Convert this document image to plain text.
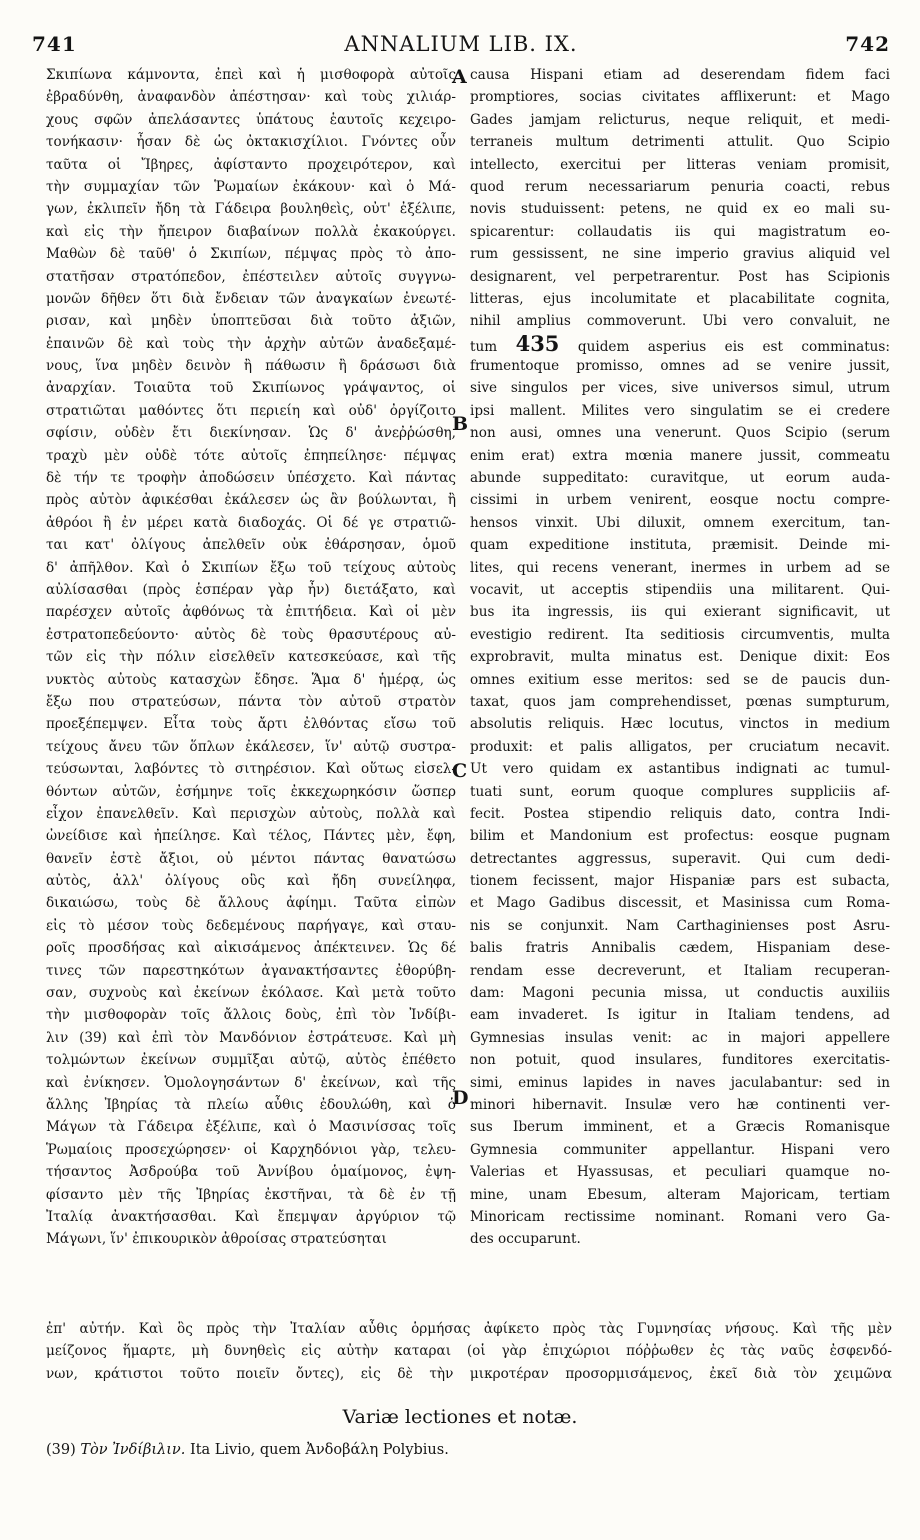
741	ANNALIUM LIB. IX.	742
Σκιπίωνα κάμνοντα, ἐπεὶ καὶ ἡ μισθοφορὰ αὐτοῖς
ἐβραδύνθη, ἀναφανδὸν ἀπέστησαν· καὶ τοὺς χιλιάρ-
χους σφῶν ἀπελάσαντες ὑπάτους ἑαυτοῖς κεχειρο-
τονήκασιν· ἦσαν δὲ ὡς ὀκτακισχίλιοι. Γνόντες οὖν
ταῦτα οἱ Ἴβηρες, ἀφίσταντο προχειρότερον, καὶ
τὴν συμμαχίαν τῶν Ῥωμαίων ἐκάκουν· καὶ ὁ Μά-
γων, ἐκλιπεῖν ἤδη τὰ Γάδειρα βουληθεὶς, οὐτ' ἐξέλιπε,
καὶ εἰς τὴν ἤπειρον διαβαίνων πολλὰ ἐκακούργει.
Μαθὼν δὲ ταῦθ' ὁ Σκιπίων, πέμψας πρὸς τὸ ἀπο-
στατῆσαν στρατόπεδον, ἐπέστειλεν αὐτοῖς συγγνω-
μονῶν δῆθεν ὅτι διὰ ἔνδειαν τῶν ἀναγκαίων ἐνεωτέ-
ρισαν, καὶ μηδὲν ὑποπτεῦσαι διὰ τοῦτο ἀξιῶν,
ἐπαινῶν δὲ καὶ τοὺς τὴν ἀρχὴν αὐτῶν ἀναδεξαμέ-
νους, ἵνα μηδὲν δεινὸν ἢ πάθωσιν ἢ δράσωσι διὰ
ἀναρχίαν. Τοιαῦτα τοῦ Σκιπίωνος γράψαντος, οἱ
στρατιῶται μαθόντες ὅτι περιείη καὶ οὐδ' ὀργίζοιτο
σφίσιν, οὐδὲν ἔτι διεκίνησαν. Ὡς δ' ἀνεῤῥώσθη,
τραχὺ μὲν οὐδὲ τότε αὐτοῖς ἐπηπείλησε· πέμψας
δὲ τήν τε τροφὴν ἀποδώσειν ὑπέσχετο. Καὶ πάντας
πρὸς αὐτὸν ἀφικέσθαι ἐκάλεσεν ὡς ἂν βούλωνται, ἢ
ἀθρόοι ἢ ἐν μέρει κατὰ διαδοχάς. Οἱ δέ γε στρατιῶ-
ται κατ' ὀλίγους ἀπελθεῖν οὐκ ἐθάρσησαν, ὁμοῦ
δ' ἀπῆλθον. Καὶ ὁ Σκιπίων ἔξω τοῦ τείχους αὐτοὺς
αὐλίσασθαι (πρὸς ἑσπέραν γὰρ ἦν) διετάξατο, καὶ
παρέσχεν αὐτοῖς ἀφθόνως τὰ ἐπιτήδεια. Καὶ οἱ μὲν
ἐστρατοπεδεύοντο· αὐτὸς δὲ τοὺς θρασυτέρους αὐ-
τῶν εἰς τὴν πόλιν εἰσελθεῖν κατεσκεύασε, καὶ τῆς
νυκτὸς αὐτοὺς κατασχὼν ἔδησε. Ἅμα δ' ἡμέρᾳ, ὡς
ἔξω που στρατεύσων, πάντα τὸν αὐτοῦ στρατὸν
προεξέπεμψεν. Εἶτα τοὺς ἄρτι ἐλθόντας εἴσω τοῦ
τείχους ἄνευ τῶν ὅπλων ἐκάλεσεν, ἵν' αὐτῷ συστρα-
τεύσωνται, λαβόντες τὸ σιτηρέσιον. Καὶ οὕτως εἰσελ-
θόντων αὐτῶν, ἐσήμηνε τοῖς ἐκκεχωρηκόσιν ὥσπερ
εἶχον ἐπανελθεῖν. Καὶ περισχὼν αὐτοὺς, πολλὰ καὶ
ὠνείδισε καὶ ἠπείλησε. Καὶ τέλος, Πάντες μὲν, ἔφη,
θανεῖν ἐστὲ ἄξιοι, οὐ μέντοι πάντας θανατώσω
αὐτὸς, ἀλλ' ὀλίγους οὓς καὶ ἤδη συνείληφα,
δικαιώσω, τοὺς δὲ ἄλλους ἀφίημι. Ταῦτα εἰπὼν
εἰς τὸ μέσον τοὺς δεδεμένους παρήγαγε, καὶ σταυ-
ροῖς προσδήσας καὶ αἰκισάμενος ἀπέκτεινεν. Ὡς δέ
τινες τῶν παρεστηκότων ἀγανακτήσαντες ἐθορύβη-
σαν, συχνοὺς καὶ ἐκείνων ἐκόλασε. Καὶ μετὰ τοῦτο
τὴν μισθοφορὰν τοῖς ἄλλοις δοὺς, ἐπὶ τὸν Ἰνδίβι-
λιν (39) καὶ ἐπὶ τὸν Μανδόνιον ἐστράτευσε. Καὶ μὴ
τολμώντων ἐκείνων συμμῖξαι αὐτῷ, αὐτὸς ἐπέθετο
καὶ ἐνίκησεν. Ὁμολογησάντων δ' ἐκείνων, καὶ τῆς
ἄλλης Ἰβηρίας τὰ πλείω αὖθις ἐδουλώθη, καὶ ὁ
Μάγων τὰ Γάδειρα ἐξέλιπε, καὶ ὁ Μασινίσσας τοῖς
Ῥωμαίοις προσεχώρησεν· οἱ Καρχηδόνιοι γὰρ, τελευ-
τήσαντος Ἀσδρούβα τοῦ Ἀννίβου ὁμαίμονος, ἐψη-
φίσαντο μὲν τῆς Ἰβηρίας ἐκστῆναι, τὰ δὲ ἐν τῇ
Ἰταλίᾳ ἀνακτήσασθαι. Καὶ ἔπεμψαν ἀργύριον τῷ
Μάγωνι, ἵν' ἐπικουρικὸν ἀθροίσας στρατεύσηται
causa Hispani etiam ad deserendam fidem faci
promptiores, socias civitates afflixerunt: et Mago
Gades jamjam relicturus, neque reliquit, et medi-
terraneis multum detrimenti attulit. Quo Scipio
intellecto, exercitui per litteras veniam promisit,
quod rerum necessariarum penuria coacti, rebus
novis studuissent: petens, ne quid ex eo mali su-
spicarentur: collaudatis iis qui magistratum eo-
rum gessissent, ne sine imperio gravius aliquid vel
designarent, vel perpetrarentur. Post has Scipionis
litteras, ejus incolumitate et placabilitate cognita,
nihil amplius commoverunt. Ubi vero convaluit, ne
tum 435 quidem asperius eis est comminatus:
frumentoque promisso, omnes ad se venire jussit,
sive singulos per vices, sive universos simul, utrum
ipsi mallent. Milites vero singulatim se ei credere
non ausi, omnes una venerunt. Quos Scipio (serum
enim erat) extra mœnia manere jussit, commeatu
abunde suppeditato: curavitque, ut eorum auda-
cissimi in urbem venirent, eosque noctu compre-
hensos vinxit. Ubi diluxit, omnem exercitum, tan-
quam expeditione instituta, præmisit. Deinde mi-
lites, qui recens venerant, inermes in urbem ad se
vocavit, ut acceptis stipendiis una militarent. Qui-
bus ita ingressis, iis qui exierant significavit, ut
evestigio redirent. Ita seditiosis circumventis, multa
exprobravit, multa minatus est. Denique dixit: Eos
omnes exitium esse meritos: sed se de paucis dun-
taxat, quos jam comprehendisset, pœnas sumpturum,
absolutis reliquis. Hæc locutus, vinctos in medium
produxit: et palis alligatos, per cruciatum necavit.
Ut vero quidam ex astantibus indignati ac tumul-
tuati sunt, eorum quoque complures suppliciis af-
fecit. Postea stipendio reliquis dato, contra Indi-
bilim et Mandonium est profectus: eosque pugnam
detrectantes aggressus, superavit. Qui cum dedi-
tionem fecissent, major Hispaniæ pars est subacta,
et Mago Gadibus discessit, et Masinissa cum Roma-
nis se conjunxit. Nam Carthaginienses post Asru-
balis fratris Annibalis cædem, Hispaniam dese-
rendam esse decreverunt, et Italiam recuperan-
dam: Magoni pecunia missa, ut conductis auxiliis
eam invaderet. Is igitur in Italiam tendens, ad
Gymnesias insulas venit: ac in majori appellere
non potuit, quod insulares, funditores exercitatis-
simi, eminus lapides in naves jaculabantur: sed in
minori hibernavit. Insulæ vero hæ continenti ver-
sus Iberum imminent, et a Græcis Romanisque
Gymnesia communiter appellantur. Hispani vero
Valerias et Hyassusas, et peculiari quamque no-
mine, unam Ebesum, alteram Majoricam, tertiam
Minoricam rectissime nominant. Romani vero Ga-
des occuparunt.
A
B
C
D
ἐπ' αὐτήν. Καὶ ὃς πρὸς τὴν Ἰταλίαν αὖθις ὁρμήσας ἀφίκετο πρὸς τὰς Γυμνησίας νήσους. Καὶ τῆς μὲν
μείζονος ἥμαρτε, μὴ δυνηθεὶς εἰς αὐτὴν καταραι (οἱ γὰρ ἐπιχώριοι πόῤῥωθεν ἐς τὰς ναῦς ἐσφενδό-
νων, κράτιστοι τοῦτο ποιεῖν ὄντες), εἰς δὲ τὴν μικροτέραν προσορμισάμενος, ἐκεῖ διὰ τὸν χειμῶνα
Variæ lectiones et notæ.
(39) Τὸν Ἰνδίβιλιν. Ita Livio, quem Ἀνδοβάλη Polybius.
